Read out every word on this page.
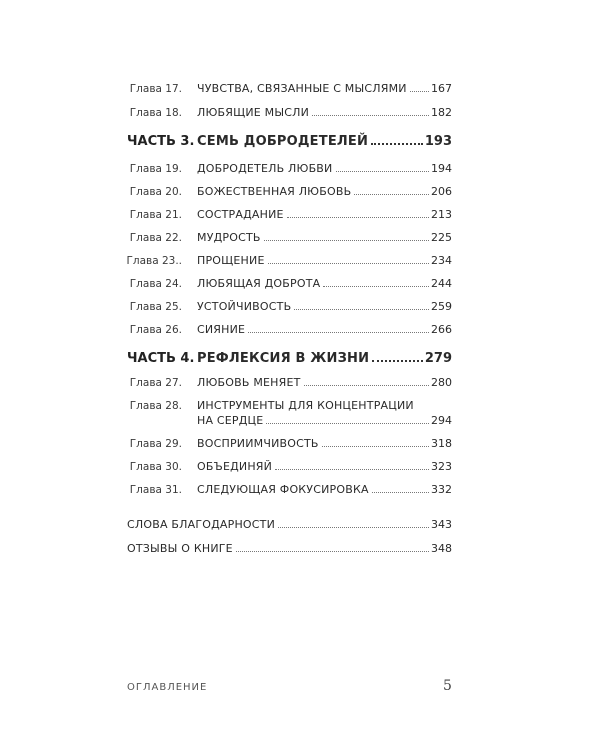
Глава 17. ЧУВСТВА, СВЯЗАННЫЕ С МЫСЛЯМИ 167
Глава 18. ЛЮБЯЩИЕ МЫСЛИ	182
ЧАСТЬ 3. СЕМЬ ДОБРОДЕТЕЛЕЙ	193
Глава 19. ДОБРОДЕТЕЛЬ ЛЮБВИ	194
Глава 20. БОЖЕСТВЕННАЯ ЛЮБОВЬ	206
Глава 21. СОСТРАДАНИЕ	213
Глава 22. МУДРОСТЬ	225
Глава 23.. ПРОЩЕНИЕ	234
Глава 24. ЛЮБЯЩАЯ ДОБРОТА	244
Глава 25. УСТОЙЧИВОСТЬ	259
Глава 26. СИЯНИЕ	266
ЧАСТЬ 4. РЕФЛЕКСИЯ В ЖИЗНИ	279
Глава 27. ЛЮБОВЬ МЕНЯЕТ	280
Глава 28. ИНСТРУМЕНТЫ ДЛЯ КОНЦЕНТРАЦИИ
НА СЕРДЦЕ	294
Глава 29. ВОСПРИИМЧИВОСТЬ	318
Глава 30. ОБЪЕДИНЯЙ	323
Глава 31. СЛЕДУЮЩАЯ ФОКУСИРОВКА	332
СЛОВА БЛАГОДАРНОСТИ	343
ОТЗЫВЫ О КНИГЕ	348
ОГЛАВЛЕНИЕ	5
